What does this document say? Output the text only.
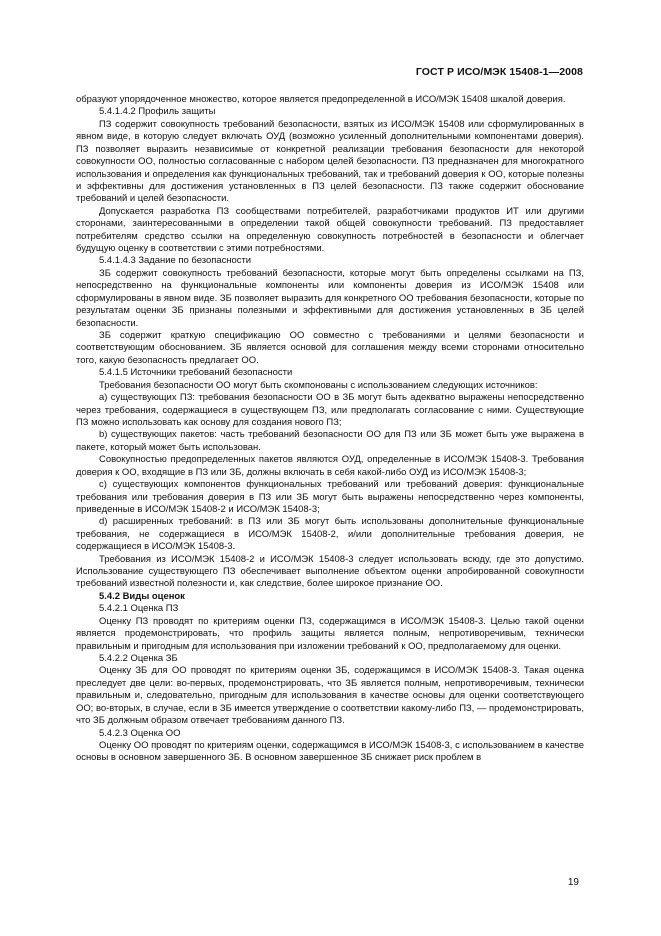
ГОСТ Р ИСО/МЭК 15408-1—2008

образуют упорядоченное множество, которое является предопределенной в ИСО/МЭК 15408 шкалой доверия.

5.4.1.4.2 Профиль защиты

ПЗ содержит совокупность требований безопасности, взятых из ИСО/МЭК 15408 или сформулированных в явном виде, в которую следует включать ОУД (возможно усиленный дополнительными компонентами доверия). ПЗ позволяет выразить независимые от конкретной реализации требования безопасности для некоторой совокупности ОО, полностью согласованные с набором целей безопасности. ПЗ предназначен для многократного использования и определения как функциональных требований, так и требований доверия к ОО, которые полезны и эффективны для достижения установленных в ПЗ целей безопасности. ПЗ также содержит обоснование требований и целей безопасности.

Допускается разработка ПЗ сообществами потребителей, разработчиками продуктов ИТ или другими сторонами, заинтересованными в определении такой общей совокупности требований. ПЗ предоставляет потребителям средство ссылки на определенную совокупность потребностей в безопасности и облегчает будущую оценку в соответствии с этими потребностями.

5.4.1.4.3 Задание по безопасности

ЗБ содержит совокупность требований безопасности, которые могут быть определены ссылками на ПЗ, непосредственно на функциональные компоненты или компоненты доверия из ИСО/МЭК 15408 или сформулированы в явном виде. ЗБ позволяет выразить для конкретного ОО требования безопасности, которые по результатам оценки ЗБ признаны полезными и эффективными для достижения установленных в ЗБ целей безопасности.

ЗБ содержит краткую спецификацию ОО совместно с требованиями и целями безопасности и соответствующим обоснованием. ЗБ является основой для соглашения между всеми сторонами относительно того, какую безопасность предлагает ОО.

5.4.1.5 Источники требований безопасности

Требования безопасности ОО могут быть скомпонованы с использованием следующих источников:

а) существующих ПЗ: требования безопасности ОО в ЗБ могут быть адекватно выражены непосредственно через требования, содержащиеся в существующем ПЗ, или предполагать согласование с ними. Существующие ПЗ можно использовать как основу для создания нового ПЗ;

b) существующих пакетов: часть требований безопасности ОО для ПЗ или ЗБ может быть уже выражена в пакете, который может быть использован.

Совокупностью предопределенных пакетов являются ОУД, определенные в ИСО/МЭК 15408-3. Требования доверия к ОО, входящие в ПЗ или ЗБ, должны включать в себя какой-либо ОУД из ИСО/МЭК 15408-3;

с) существующих компонентов функциональных требований или требований доверия: функциональные требования или требования доверия в ПЗ или ЗБ могут быть выражены непосредственно через компоненты, приведенные в ИСО/МЭК 15408-2 и ИСО/МЭК 15408-3;

d) расширенных требований: в ПЗ или ЗБ могут быть использованы дополнительные функциональные требования, не содержащиеся в ИСО/МЭК 15408-2, и/или дополнительные требования доверия, не содержащиеся в ИСО/МЭК 15408-3.

Требования из ИСО/МЭК 15408-2 и ИСО/МЭК 15408-3 следует использовать всюду, где это допустимо. Использование существующего ПЗ обеспечивает выполнение объектом оценки апробированной совокупности требований известной полезности и, как следствие, более широкое признание ОО.

5.4.2 Виды оценок

5.4.2.1 Оценка ПЗ

Оценку ПЗ проводят по критериям оценки ПЗ, содержащимся в ИСО/МЭК 15408-3. Целью такой оценки является продемонстрировать, что профиль защиты является полным, непротиворечивым, технически правильным и пригодным для использования при изложении требований к ОО, предполагаемому для оценки.

5.4.2.2 Оценка ЗБ

Оценку ЗБ для ОО проводят по критериям оценки ЗБ, содержащимся в ИСО/МЭК 15408-3. Такая оценка преследует две цели: во-первых, продемонстрировать, что ЗБ является полным, непротиворечивым, технически правильным и, следовательно, пригодным для использования в качестве основы для оценки соответствующего ОО; во-вторых, в случае, если в ЗБ имеется утверждение о соответствии какому-либо ПЗ, — продемонстрировать, что ЗБ должным образом отвечает требованиям данного ПЗ.

5.4.2.3 Оценка ОО

Оценку ОО проводят по критериям оценки, содержащимся в ИСО/МЭК 15408-3, с использованием в качестве основы в основном завершенного ЗБ. В основном завершенное ЗБ снижает риск проблем в

19
